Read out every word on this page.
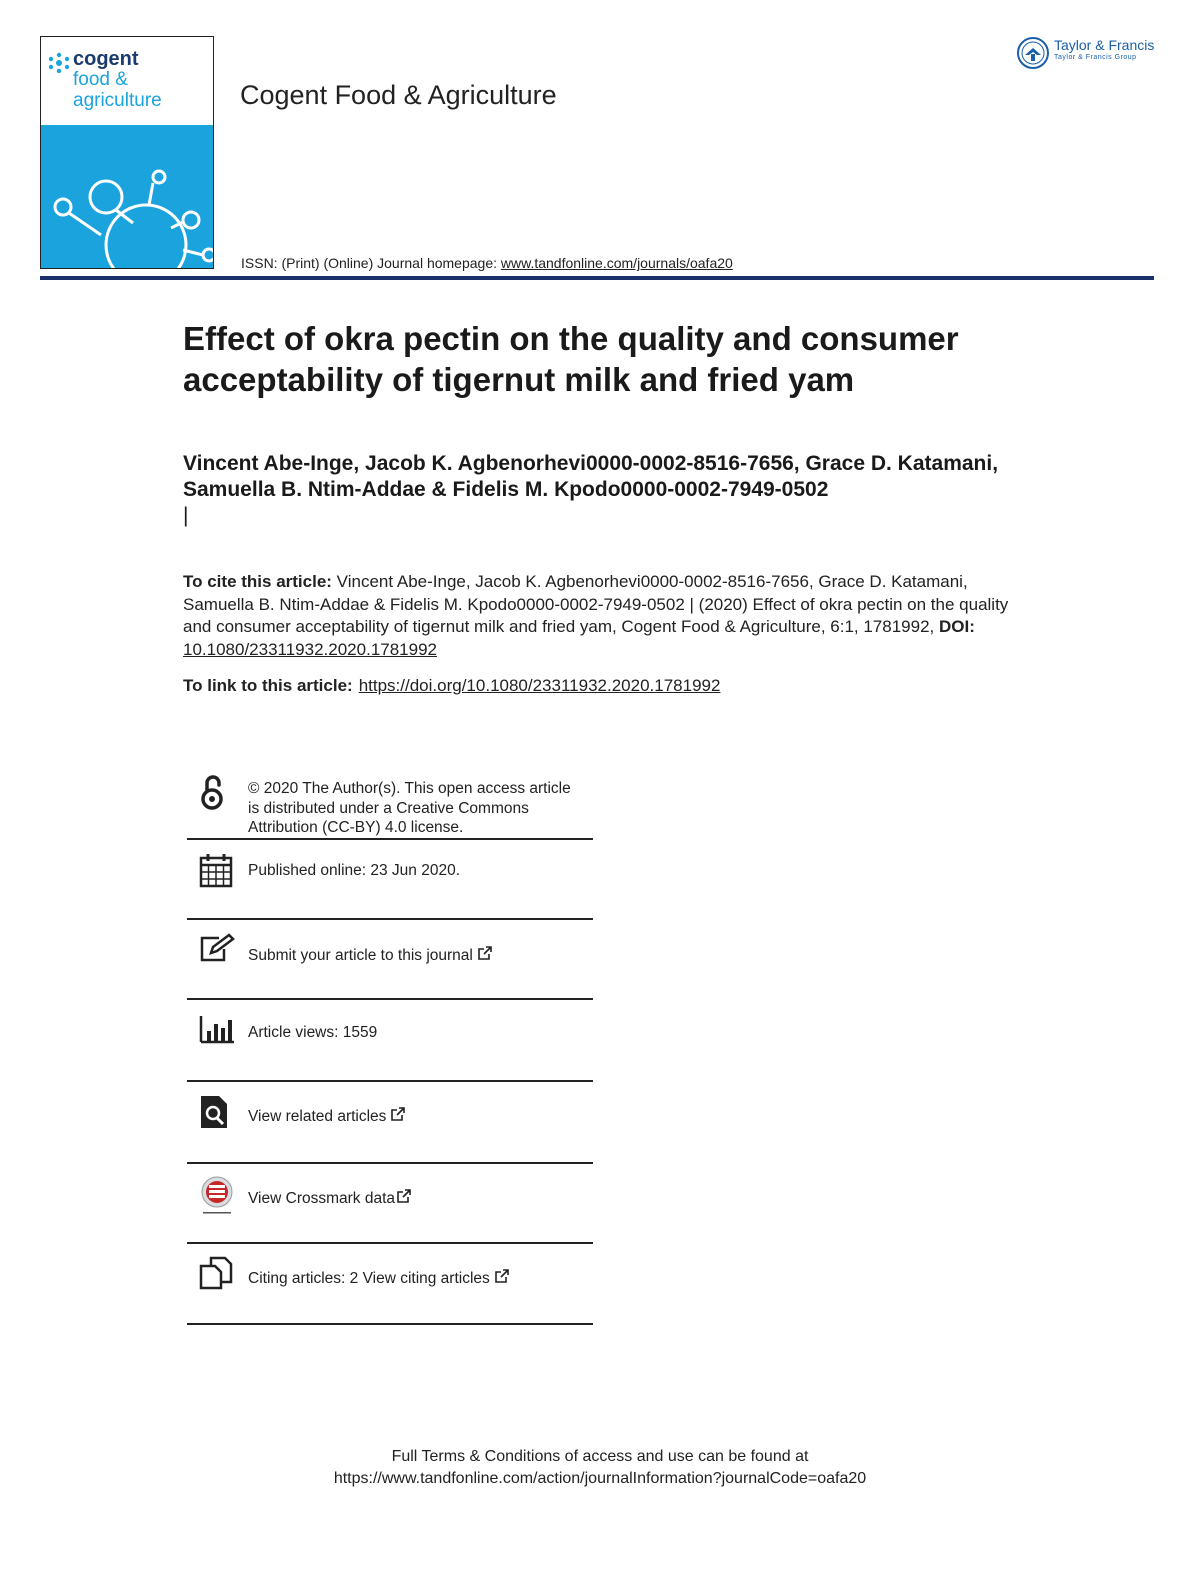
cogent
food &
agriculture	Cogent Food & Agriculture
ISSN: (Print) (Online) Journal homepage: www.tandfonline.com/journals/oafa20
Taylor & Francis
Taylor & Francis Group
Effect of okra pectin on the quality and consumer acceptability of tigernut milk and fried yam
Vincent Abe-Inge, Jacob K. Agbenorhevi0000-0002-8516-7656, Grace D. Katamani, Samuella B. Ntim-Addae & Fidelis M. Kpodo0000-0002-7949-0502
|
To cite this article: Vincent Abe-Inge, Jacob K. Agbenorhevi0000-0002-8516-7656, Grace D. Katamani, Samuella B. Ntim-Addae & Fidelis M. Kpodo0000-0002-7949-0502 | (2020) Effect of okra pectin on the quality and consumer acceptability of tigernut milk and fried yam, Cogent Food & Agriculture, 6:1, 1781992, DOI: 10.1080/23311932.2020.1781992
To link to this article: https://doi.org/10.1080/23311932.2020.1781992
© 2020 The Author(s). This open access article is distributed under a Creative Commons Attribution (CC-BY) 4.0 license.
Published online: 23 Jun 2020.
Submit your article to this journal
Article views: 1559
View related articles
View Crossmark data
Citing articles: 2 View citing articles
Full Terms & Conditions of access and use can be found at
https://www.tandfonline.com/action/journalInformation?journalCode=oafa20
